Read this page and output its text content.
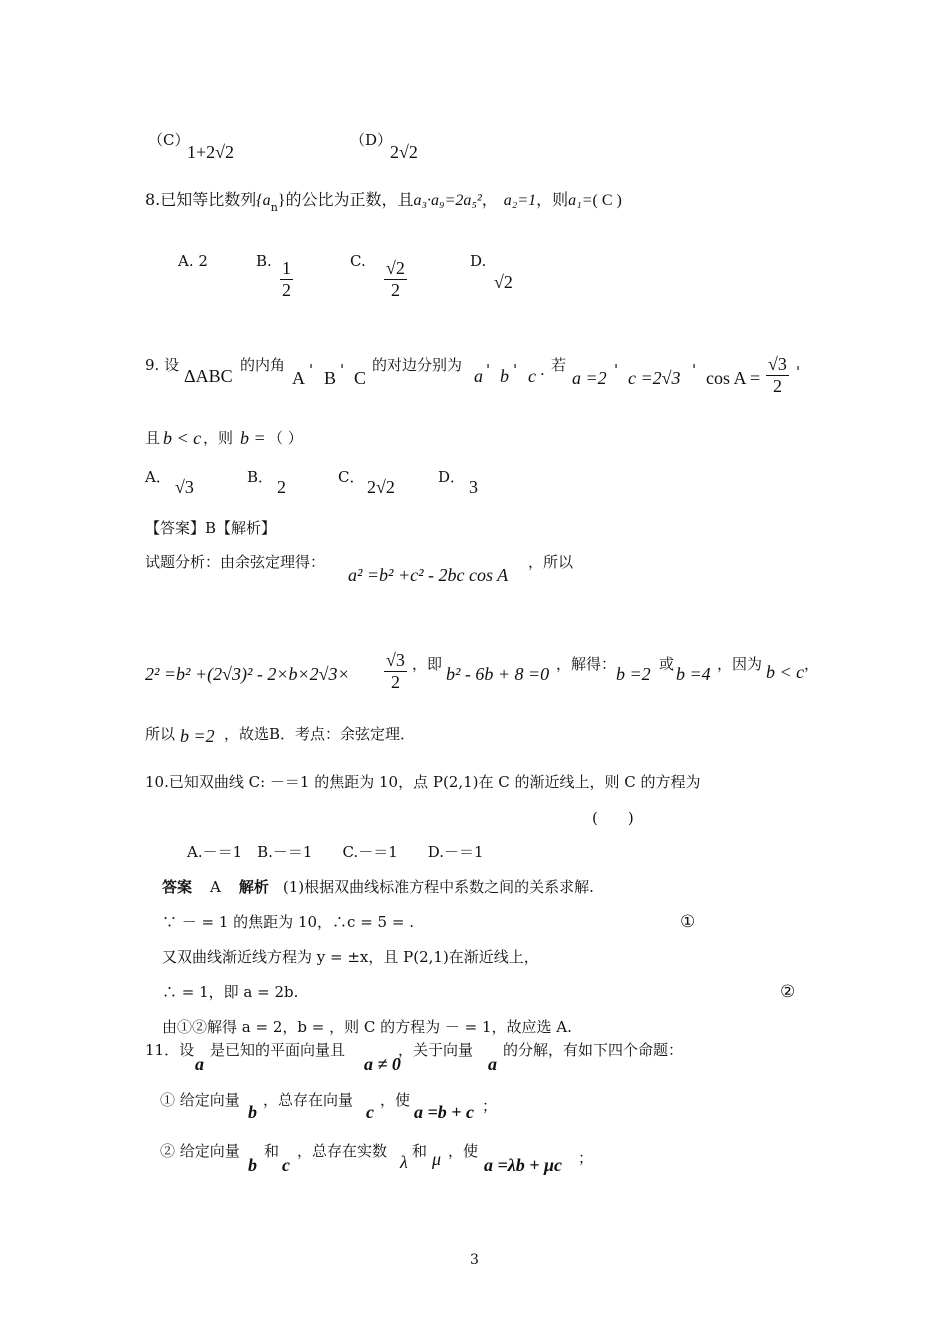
（C）
1+2√2
（D）
2√2
8.已知等比数列$\{a_n\}$的公比为正数，且a₃·a₉=2a₅²， a₂=1，则a₁=( C )
A. 2	B. 1
2
C. √2
2
D.
√2
9. 设
ΔABC
的内角
A ' B ' C
的对边分别为
a ' b ' c . 若
a =2 ' c =2√3 ' cos A =
√3
2
'
且 b < c ，则 b = （ ）
A． √3	B． 2	C． 2√2	D． 3
【答案】B【解析】
试题分析：由余弦定理得：
a² =b² +c² - 2bc cos A
，所以
2² =b² +(2√3)² - 2×b×2√3×
√3
2
，即 b² - 6b + 8 =0 ，解得： b =2 或 b =4 ，因为 b < c ，
所以 b =2 ，故选B．考点：余弦定理．
10.已知双曲线 C: －＝1 的焦距为 10，点 P(2,1)在 C 的渐近线上，则 C 的方程为
(　　)
A.－＝1　B.－＝1　　C.－＝1　　D.－＝1
答案 A 解析 (1)根据双曲线标准方程中系数之间的关系求解.
∵ － = 1 的焦距为 10，∴c = 5 = .	①
又双曲线渐近线方程为 y = ±x，且 P(2,1)在渐近线上，
∴ = 1，即 a = 2b.	②
由①②解得 a = 2，b = ，则 C 的方程为 － = 1，故应选 A.
11．设
a
是已知的平面向量且
a ≠ 0
，关于向量
a
的分解，有如下四个命题：
① 给定向量
b
，总存在向量
c
，使
a =b + c ；
② 给定向量
b
和
c
，总存在实数
λ
和 μ ，使
a =λb + μc ；
3
